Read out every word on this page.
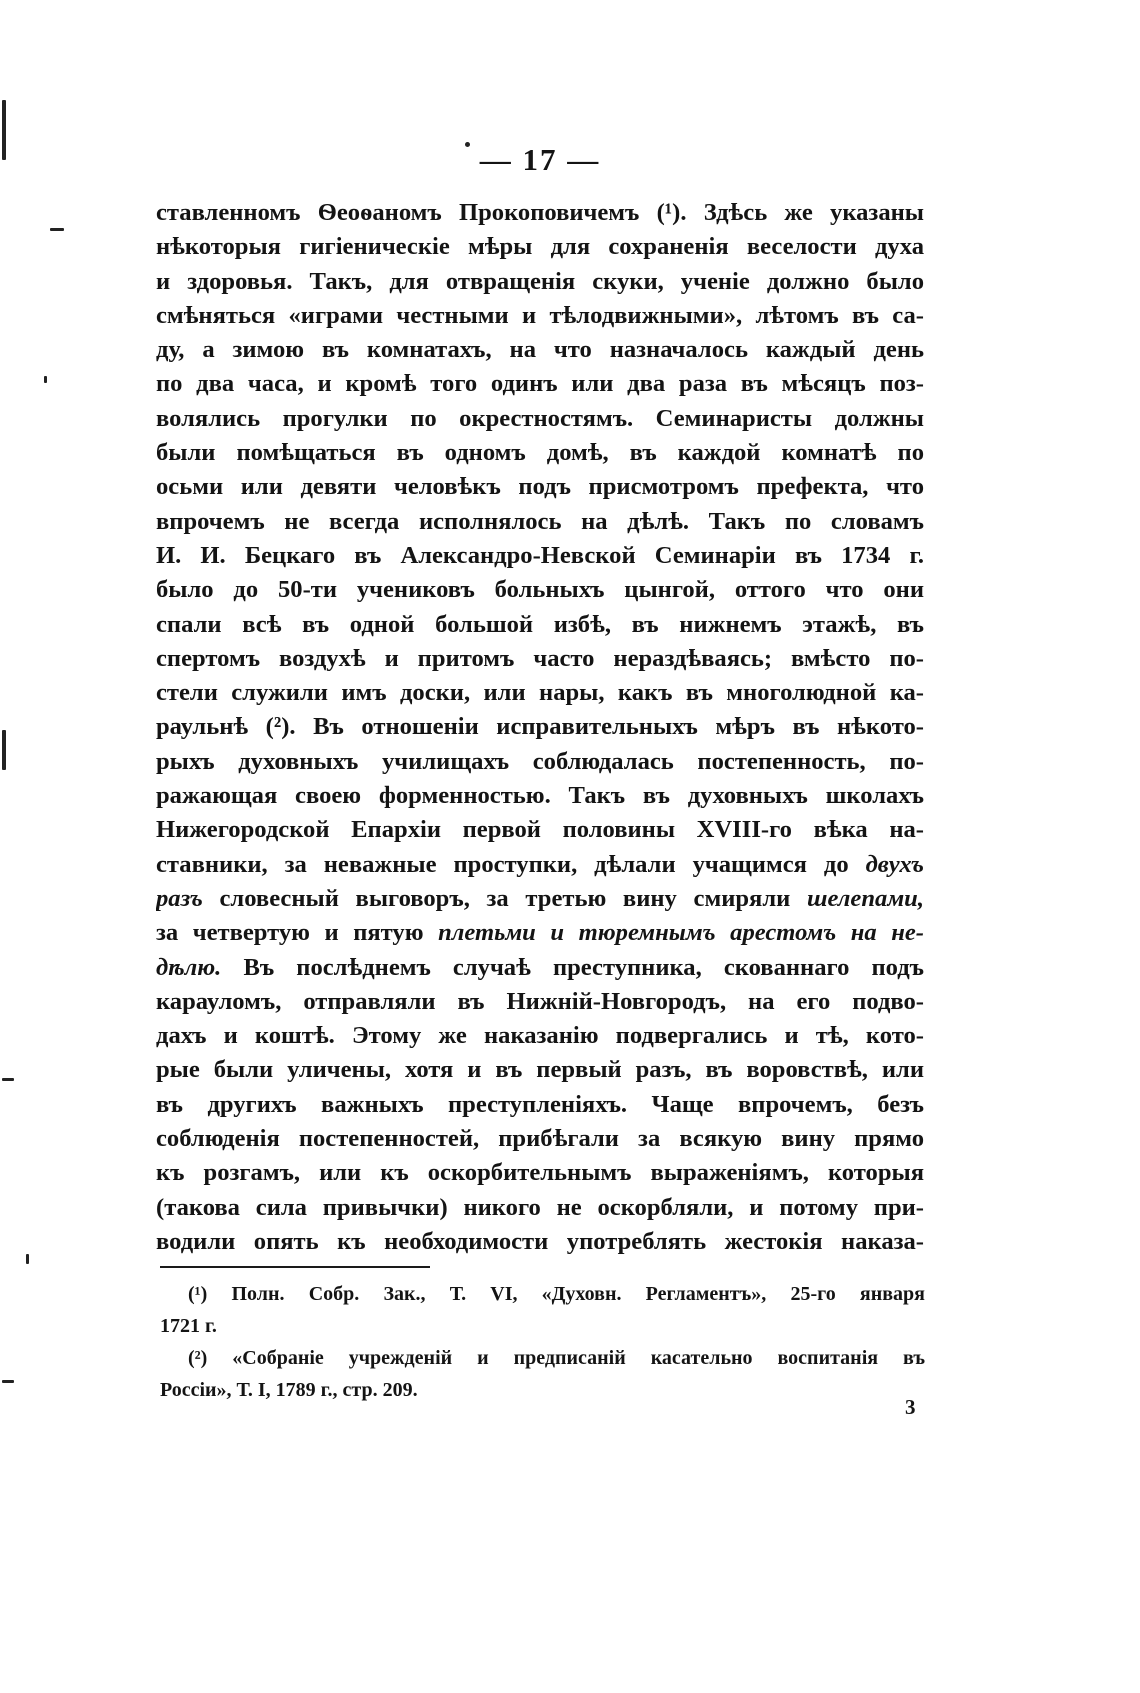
— 17 —
ставленномъ Ѳеоѳаномъ Прокоповичемъ (¹). Здѣсь же указаны
нѣкоторыя гигіеническіе мѣры для сохраненія веселости духа
и здоровья. Такъ, для отвращенія скуки, ученіе должно было
смѣняться «играми честными и тѣлодвижными», лѣтомъ въ са-
ду, а зимою въ комнатахъ, на что назначалось каждый день
по два часа, и кромѣ того одинъ или два раза въ мѣсяцъ поз-
волялись прогулки по окрестностямъ. Семинаристы должны
были помѣщаться въ одномъ домѣ, въ каждой комнатѣ по
осьми или девяти человѣкъ подъ присмотромъ префекта, что
впрочемъ не всегда исполнялось на дѣлѣ. Такъ по словамъ
И. И. Бецкаго въ Александро-Невской Семинаріи въ 1734 г.
было до 50-ти учениковъ больныхъ цынгой, оттого что они
спали всѣ въ одной большой избѣ, въ нижнемъ этажѣ, въ
спертомъ воздухѣ и притомъ часто нераздѣваясь; вмѣсто по-
стели служили имъ доски, или нары, какъ въ многолюдной ка-
раульнѣ (²). Въ отношеніи исправительныхъ мѣръ въ нѣкото-
рыхъ духовныхъ училищахъ соблюдалась постепенность, по-
ражающая своею форменностью. Такъ въ духовныхъ школахъ
Нижегородской Епархіи первой половины XVIII-го вѣка на-
ставники, за неважные проступки, дѣлали учащимся до двухъ
разъ словесный выговоръ, за третью вину смиряли шелепами,
за четвертую и пятую плетьми и тюремнымъ арестомъ на не-
дѣлю. Въ послѣднемъ случаѣ преступника, скованнаго подъ
карауломъ, отправляли въ Нижній-Новгородъ, на его подво-
дахъ и коштѣ. Этому же наказанію подвергались и тѣ, кото-
рые были уличены, хотя и въ первый разъ, въ воровствѣ, или
въ другихъ важныхъ преступленіяхъ. Чаще впрочемъ, безъ
соблюденія постепенностей, прибѣгали за всякую вину прямо
къ розгамъ, или къ оскорбительнымъ выраженіямъ, которыя
(такова сила привычки) никого не оскорбляли, и потому при-
водили опять къ необходимости употреблять жестокія наказа-
(¹) Полн. Собр. Зак., Т. VI, «Духовн. Регламентъ», 25-го января
1721 г.
(²) «Собраніе учрежденій и предписаній касательно воспитанія въ
Россіи», Т. I, 1789 г., стр. 209.
3
